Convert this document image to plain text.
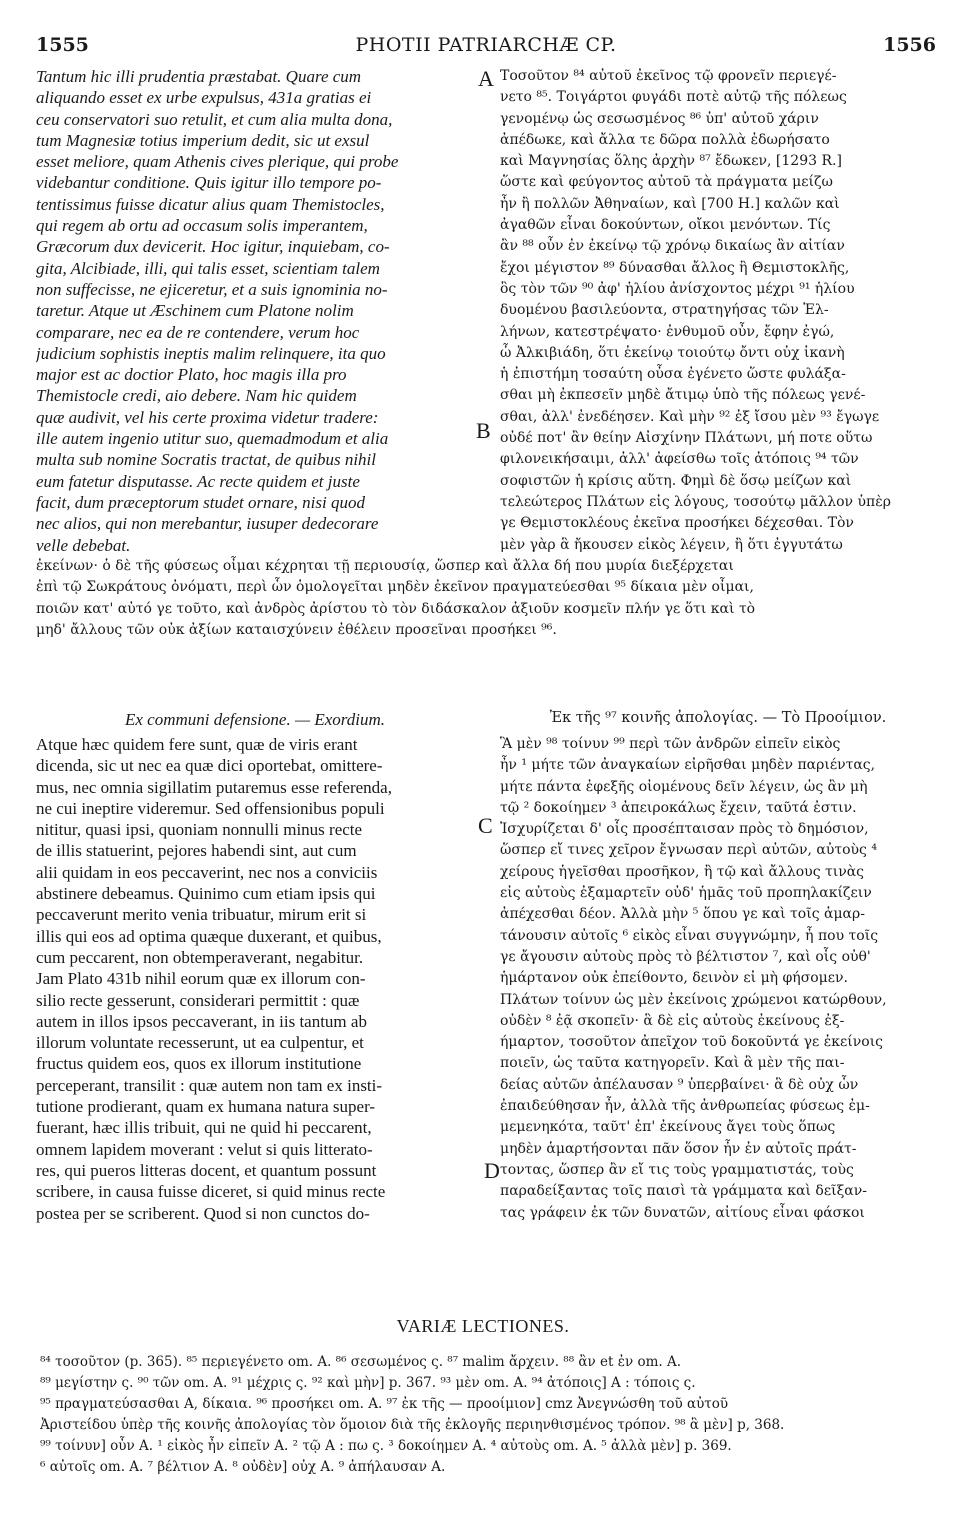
1555	PHOTII PATRIARCHÆ CP.	1556
Tantum hic illi prudentia præstabat. Quare cum
aliquando esset ex urbe expulsus, 431a gratias ei
ceu conservatori suo retulit, et cum alia multa dona,
tum Magnesiæ totius imperium dedit, sic ut exsul
esset meliore, quam Athenis cives plerique, qui probe
videbantur conditione. Quis igitur illo tempore po-
tentissimus fuisse dicatur alius quam Themistocles,
qui regem ab ortu ad occasum solis imperantem,
Græcorum dux devicerit. Hoc igitur, inquiebam, co-
gita, Alcibiade, illi, qui talis esset, scientiam talem
non suffecisse, ne ejiceretur, et a suis ignominia no-
taretur. Atque ut Æschinem cum Platone nolim
comparare, nec ea de re contendere, verum hoc
judicium sophistis ineptis malim relinquere, ita quo
major est ac doctior Plato, hoc magis illa pro
Themistocle credi, aio debere. Nam hic quidem
quæ audivit, vel his certe proxima videtur tradere:
ille autem ingenio utitur suo, quemadmodum et alia
multa sub nomine Socratis tractat, de quibus nihil
eum fatetur disputasse. Ac recte quidem et juste
facit, dum præceptorum studet ornare, nisi quod
nec alios, qui non merebantur, iusuper dedecorare
velle debebat.
Τοσοῦτον ⁸⁴ αὐτοῦ ἐκεῖνος τῷ φρονεῖν περιεγέ-
νετο ⁸⁵. Τοιγάρτοι φυγάδι ποτὲ αὐτῷ τῆς πόλεως
γενομένῳ ὡς σεσωσμένος ⁸⁶ ὑπ' αὐτοῦ χάριν
ἀπέδωκε, καὶ ἄλλα τε δῶρα πολλὰ ἐδωρήσατο
καὶ Μαγνησίας ὅλης ἀρχὴν ⁸⁷ ἔδωκεν, [1293 R.]
ὥστε καὶ φεύγοντος αὐτοῦ τὰ πράγματα μείζω
ἦν ἢ πολλῶν Ἀθηναίων, καὶ [700 H.] καλῶν καὶ
ἀγαθῶν εἶναι δοκούντων, οἴκοι μενόντων. Τίς
ἂν ⁸⁸ οὖν ἐν ἐκείνῳ τῷ χρόνῳ δικαίως ἂν αἰτίαν
ἔχοι μέγιστον ⁸⁹ δύνασθαι ἄλλος ἢ Θεμιστοκλῆς,
ὃς τὸν τῶν ⁹⁰ ἀφ' ἡλίου ἀνίσχοντος μέχρι ⁹¹ ἡλίου
δυομένου βασιλεύοντα, στρατηγήσας τῶν Ἑλ-
λήνων, κατεστρέψατο· ἐνθυμοῦ οὖν, ἔφην ἐγώ,
ὦ Ἀλκιβιάδη, ὅτι ἐκείνῳ τοιούτῳ ὄντι οὐχ ἱκανὴ
ἡ ἐπιστήμη τοσαύτη οὖσα ἐγένετο ὥστε φυλάξα-
σθαι μὴ ἐκπεσεῖν μηδὲ ἄτιμῳ ὑπὸ τῆς πόλεως γενέ-
σθαι, ἀλλ' ἐνεδέησεν. Καὶ μὴν ⁹² ἐξ ἴσου μὲν ⁹³ ἔγωγε
οὐδέ ποτ' ἂν θείην Αἰσχίνην Πλάτωνι, μή ποτε οὕτω
φιλονεικήσαιμι, ἀλλ' ἀφείσθω τοῖς ἀτόποις ⁹⁴ τῶν
σοφιστῶν ἡ κρίσις αὕτη. Φημὶ δὲ ὅσῳ μείζων καὶ
τελεώτερος Πλάτων εἰς λόγους, τοσούτῳ μᾶλλον ὑπὲρ
γε Θεμιστοκλέους ἐκεῖνα προσήκει δέχεσθαι. Τὸν
μὲν γὰρ ἃ ἤκουσεν εἰκὸς λέγειν, ἢ ὅτι ἐγγυτάτω
ἐκείνων· ὁ δὲ τῆς φύσεως οἶμαι κέχρηται τῇ περιουσίᾳ, ὥσπερ καὶ ἄλλα δή που μυρία διεξέρχεται
ἐπὶ τῷ Σωκράτους ὀνόματι, περὶ ὧν ὁμολογεῖται μηδὲν ἐκεῖνον πραγματεύεσθαι ⁹⁵ δίκαια μὲν οἶμαι,
ποιῶν κατ' αὐτό γε τοῦτο, καὶ ἀνδρὸς ἀρίστου τὸ τὸν διδάσκαλον ἀξιοῦν κοσμεῖν πλήν γε ὅτι καὶ τὸ
μηδ' ἄλλους τῶν οὐκ ἀξίων καταισχύνειν ἐθέλειν προσεῖναι προσήκει ⁹⁶.
A
B
C
D
Ex communi defensione. — Exordium.	Ἐκ τῆς ⁹⁷ κοινῆς ἀπολογίας. — Τὸ Προοίμιον.
Atque hæc quidem fere sunt, quæ de viris erant
dicenda, sic ut nec ea quæ dici oportebat, omittere-
mus, nec omnia sigillatim putaremus esse referenda,
ne cui ineptire videremur. Sed offensionibus populi
nititur, quasi ipsi, quoniam nonnulli minus recte
de illis statuerint, pejores habendi sint, aut cum
alii quidam in eos peccaverint, nec nos a conviciis
abstinere debeamus. Quinimo cum etiam ipsis qui
peccaverunt merito venia tribuatur, mirum erit si
illis qui eos ad optima quæque duxerant, et quibus,
cum peccarent, non obtemperaverant, negabitur.
Jam Plato 431b nihil eorum quæ ex illorum con-
silio recte gesserunt, considerari permittit : quæ
autem in illos ipsos peccaverant, in iis tantum ab
illorum voluntate recesserunt, ut ea culpentur, et
fructus quidem eos, quos ex illorum institutione
perceperant, transilit : quæ autem non tam ex insti-
tutione prodierant, quam ex humana natura super-
fuerant, hæc illis tribuit, qui ne quid hi peccarent,
omnem lapidem moverant : velut si quis litterato-
res, qui pueros litteras docent, et quantum possunt
scribere, in causa fuisse diceret, si quid minus recte
postea per se scriberent. Quod si non cunctos do-
Ἃ μὲν ⁹⁸ τοίνυν ⁹⁹ περὶ τῶν ἀνδρῶν εἰπεῖν εἰκὸς
ἦν ¹ μήτε τῶν ἀναγκαίων εἰρῆσθαι μηδὲν παριέντας,
μήτε πάντα ἐφεξῆς οἰομένους δεῖν λέγειν, ὡς ἂν μὴ
τῷ ² δοκοίημεν ³ ἀπειροκάλως ἔχειν, ταῦτά ἐστιν.
Ἰσχυρίζεται δ' οἷς προσέπταισαν πρὸς τὸ δημόσιον,
ὥσπερ εἴ τινες χεῖρον ἔγνωσαν περὶ αὐτῶν, αὐτοὺς ⁴
χείρους ἡγεῖσθαι προσῆκον, ἢ τῷ καὶ ἄλλους τινὰς
εἰς αὐτοὺς ἐξαμαρτεῖν οὐδ' ἡμᾶς τοῦ προπηλακίζειν
ἀπέχεσθαι δέον. Ἀλλὰ μὴν ⁵ ὅπου γε καὶ τοῖς ἁμαρ-
τάνουσιν αὐτοῖς ⁶ εἰκὸς εἶναι συγγνώμην, ἦ που τοῖς
γε ἄγουσιν αὐτοὺς πρὸς τὸ βέλτιστον ⁷, καὶ οἷς οὐθ'
ἡμάρτανον οὐκ ἐπείθοντο, δεινὸν εἰ μὴ φήσομεν.
Πλάτων τοίνυν ὡς μὲν ἐκείνοις χρώμενοι κατώρθουν,
οὐδὲν ⁸ ἐᾷ σκοπεῖν· ἃ δὲ εἰς αὐτοὺς ἐκείνους ἐξ-
ήμαρτον, τοσοῦτον ἀπεῖχον τοῦ δοκοῦντά γε ἐκείνοις
ποιεῖν, ὡς ταῦτα κατηγορεῖν. Καὶ ἃ μὲν τῆς παι-
δείας αὐτῶν ἀπέλαυσαν ⁹ ὑπερβαίνει· ἃ δὲ οὐχ ὧν
ἐπαιδεύθησαν ἦν, ἀλλὰ τῆς ἀνθρωπείας φύσεως ἐμ-
μεμενηκότα, ταῦτ' ἐπ' ἐκείνους ἄγει τοὺς ὅπως
μηδὲν ἁμαρτήσονται πᾶν ὅσον ἦν ἐν αὐτοῖς πράτ-
τοντας, ὥσπερ ἂν εἴ τις τοὺς γραμματιστάς, τοὺς
παραδείξαντας τοῖς παισὶ τὰ γράμματα καὶ δεῖξαν-
τας γράφειν ἐκ τῶν δυνατῶν, αἰτίους εἶναι φάσκοι
VARIÆ LECTIONES.
⁸⁴ τοσοῦτον (p. 365). ⁸⁵ περιεγένετο om. A. ⁸⁶ σεσωμένος ς. ⁸⁷ malim ἄρχειν. ⁸⁸ ἂν et ἐν om. A.
⁸⁹ μεγίστην ς. ⁹⁰ τῶν om. A. ⁹¹ μέχρις ς. ⁹² καὶ μὴν] p. 367. ⁹³ μὲν om. A. ⁹⁴ ἀτόποις] A : τόποις ς.
⁹⁵ πραγματεύσασθαι A, δίκαια. ⁹⁶ προσήκει om. A. ⁹⁷ ἐκ τῆς — προοίμιον] cmz Ἀνεγνώσθη τοῦ αὐτοῦ
Ἀριστείδου ὑπὲρ τῆς κοινῆς ἀπολογίας τὸν ὅμοιον διὰ τῆς ἐκλογῆς περιηνθισμένος τρόπον. ⁹⁸ ἃ μὲν] p, 368.
⁹⁹ τοίνυν] οὖν A. ¹ εἰκὸς ἦν εἰπεῖν A. ² τῷ A : πω ς. ³ δοκοίημεν A. ⁴ αὐτοὺς om. A. ⁵ ἀλλὰ μὲν] p. 369.
⁶ αὐτοῖς om. A. ⁷ βέλτιον A. ⁸ οὐδὲν] οὐχ A. ⁹ ἀπήλαυσαν A.
